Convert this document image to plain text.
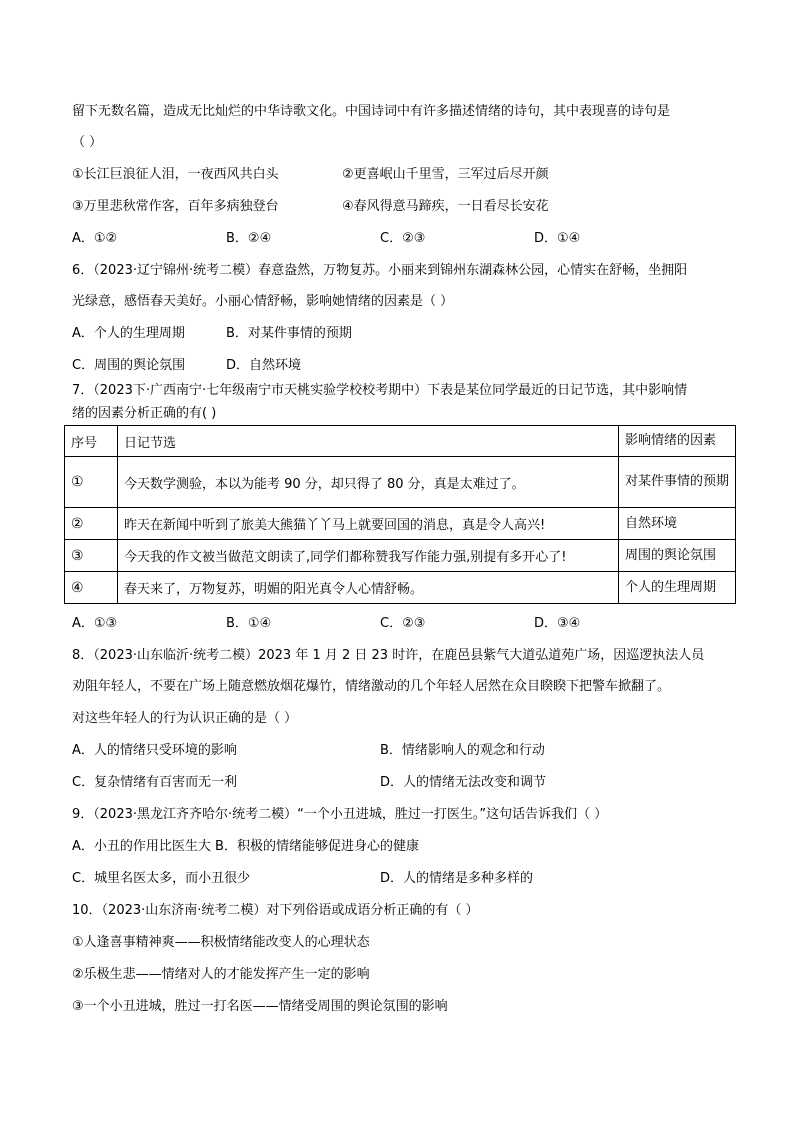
留下无数名篇，造成无比灿烂的中华诗歌文化。中国诗词中有许多描述情绪的诗句，其中表现喜的诗句是
（ ）
①长江巨浪征人泪，一夜西风共白头	②更喜岷山千里雪，三军过后尽开颜
③万里悲秋常作客，百年多病独登台	④春风得意马蹄疾，一日看尽长安花
A．①②	B．②④	C．②③	D．①④
6．（2023·辽宁锦州·统考二模）春意盎然，万物复苏。小丽来到锦州东湖森林公园，心情实在舒畅，坐拥阳
光绿意，感悟春天美好。小丽心情舒畅，影响她情绪的因素是（ ）
A．个人的生理周期	B．对某件事情的预期
C．周围的舆论氛围	D．自然环境
7．（2023下·广西南宁·七年级南宁市天桃实验学校校考期中）下表是某位同学最近的日记节选，其中影响情
绪的因素分析正确的有( )
序号	日记节选	影响情绪的因素
①	今天数学测验，本以为能考 90 分，却只得了 80 分，真是太难过了。	对某件事情的预期
②	昨天在新闻中听到了旅美大熊猫丫丫马上就要回国的消息，真是令人高兴!	自然环境
③	今天我的作文被当做范文朗读了,同学们都称赞我写作能力强,别提有多开心了!	周围的舆论氛围
④	春天来了，万物复苏，明媚的阳光真令人心情舒畅。	个人的生理周期
A．①③	B．①④	C．②③	D．③④
8．（2023·山东临沂·统考二模）2023 年 1 月 2 日 23 时许，在鹿邑县紫气大道弘道苑广场，因巡逻执法人员
劝阻年轻人，不要在广场上随意燃放烟花爆竹，情绪激动的几个年轻人居然在众目睽睽下把警车掀翻了。
对这些年轻人的行为认识正确的是（ ）
A．人的情绪只受环境的影响	B．情绪影响人的观念和行动
C．复杂情绪有百害而无一利	D．人的情绪无法改变和调节
9．（2023·黑龙江齐齐哈尔·统考二模）“一个小丑进城，胜过一打医生。”这句话告诉我们（ ）
A．小丑的作用比医生大 B．积极的情绪能够促进身心的健康
C．城里名医太多，而小丑很少	D．人的情绪是多种多样的
10．（2023·山东济南·统考二模）对下列俗语或成语分析正确的有（ ）
①人逢喜事精神爽——积极情绪能改变人的心理状态
②乐极生悲——情绪对人的才能发挥产生一定的影响
③一个小丑进城，胜过一打名医——情绪受周围的舆论氛围的影响
